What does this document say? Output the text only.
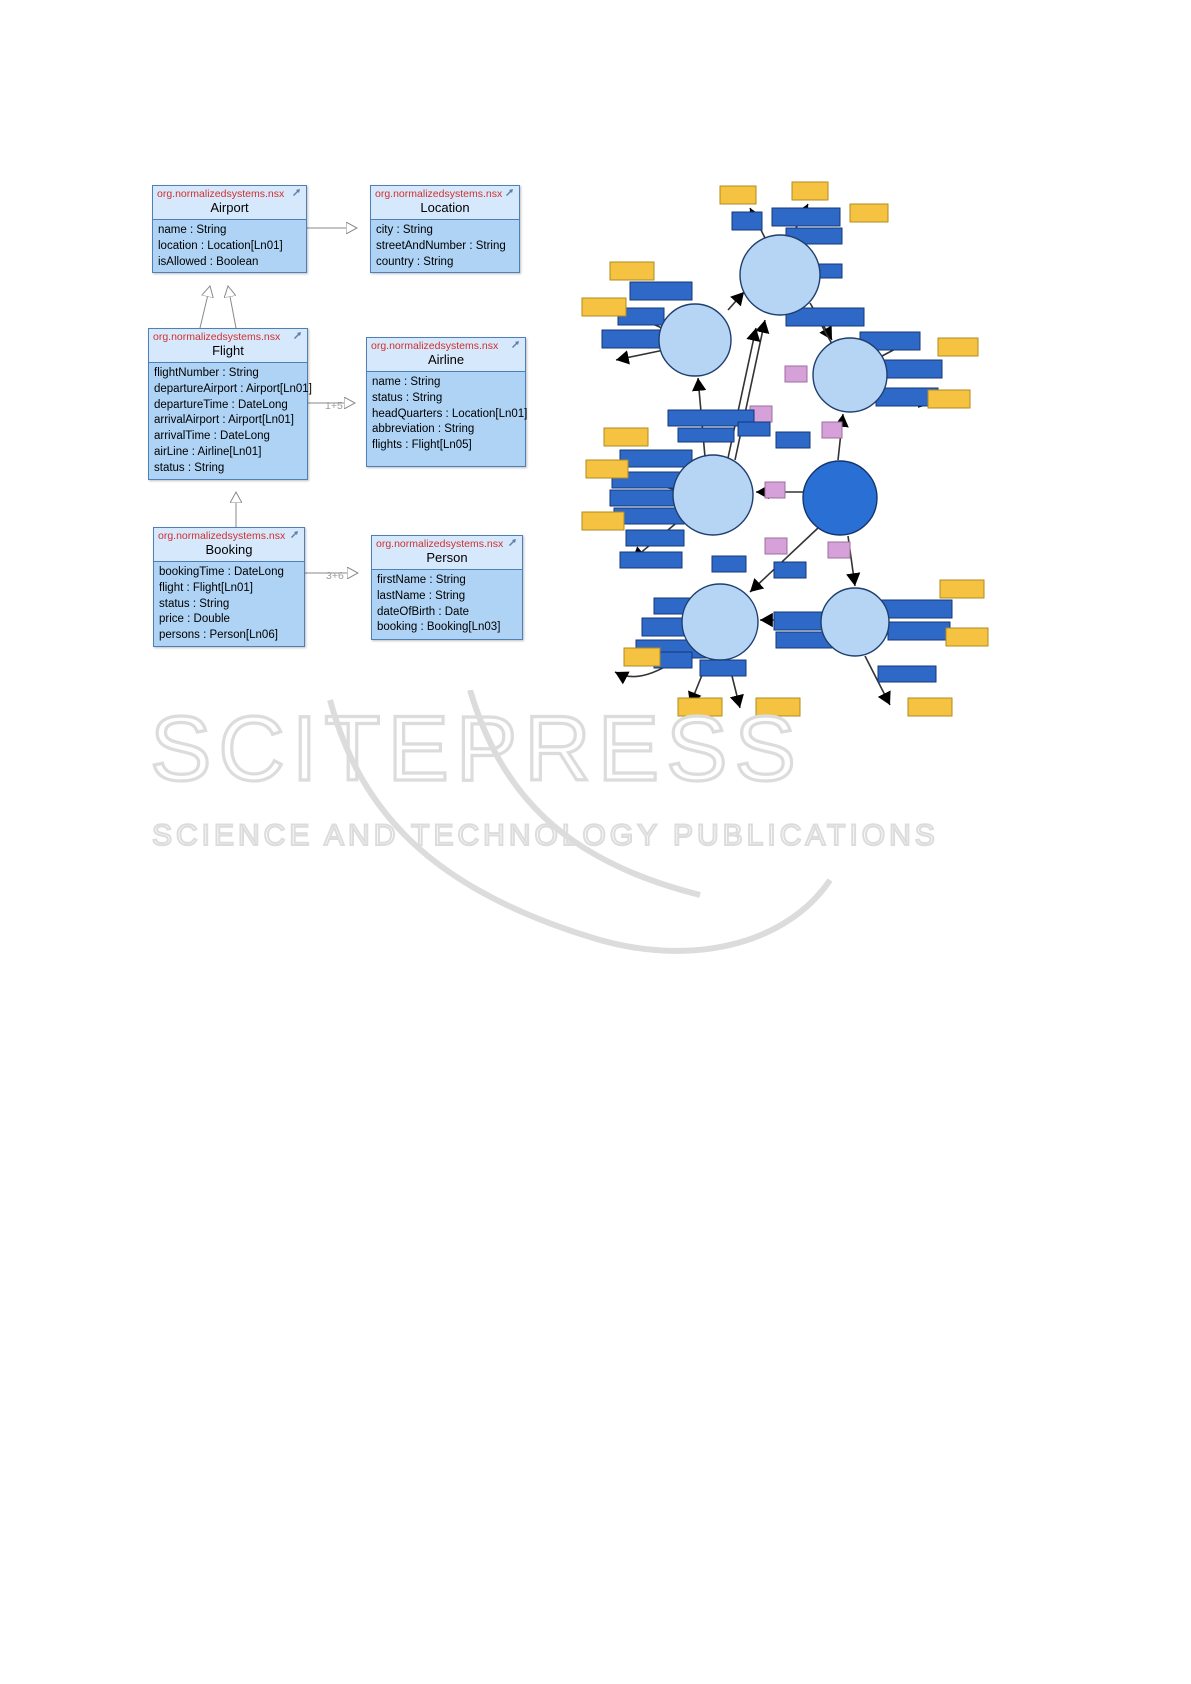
1+5
3+6
org.normalizedsystems.nsx
Airport
name : String
location : Location[Ln01]
isAllowed : Boolean
org.normalizedsystems.nsx
Location
city : String
streetAndNumber : String
country : String
org.normalizedsystems.nsx
Flight
flightNumber : String
departureAirport : Airport[Ln01]
departureTime : DateLong
arrivalAirport : Airport[Ln01]
arrivalTime : DateLong
airLine : Airline[Ln01]
status : String
org.normalizedsystems.nsx
Airline
name : String
status : String
headQuarters : Location[Ln01]
abbreviation : String
flights : Flight[Ln05]
org.normalizedsystems.nsx
Booking
bookingTime : DateLong
flight : Flight[Ln01]
status : String
price : Double
persons : Person[Ln06]
org.normalizedsystems.nsx
Person
firstName : String
lastName : String
dateOfBirth : Date
booking : Booking[Ln03]
SCITEPRESS
SCIENCE AND TECHNOLOGY PUBLICATIONS
